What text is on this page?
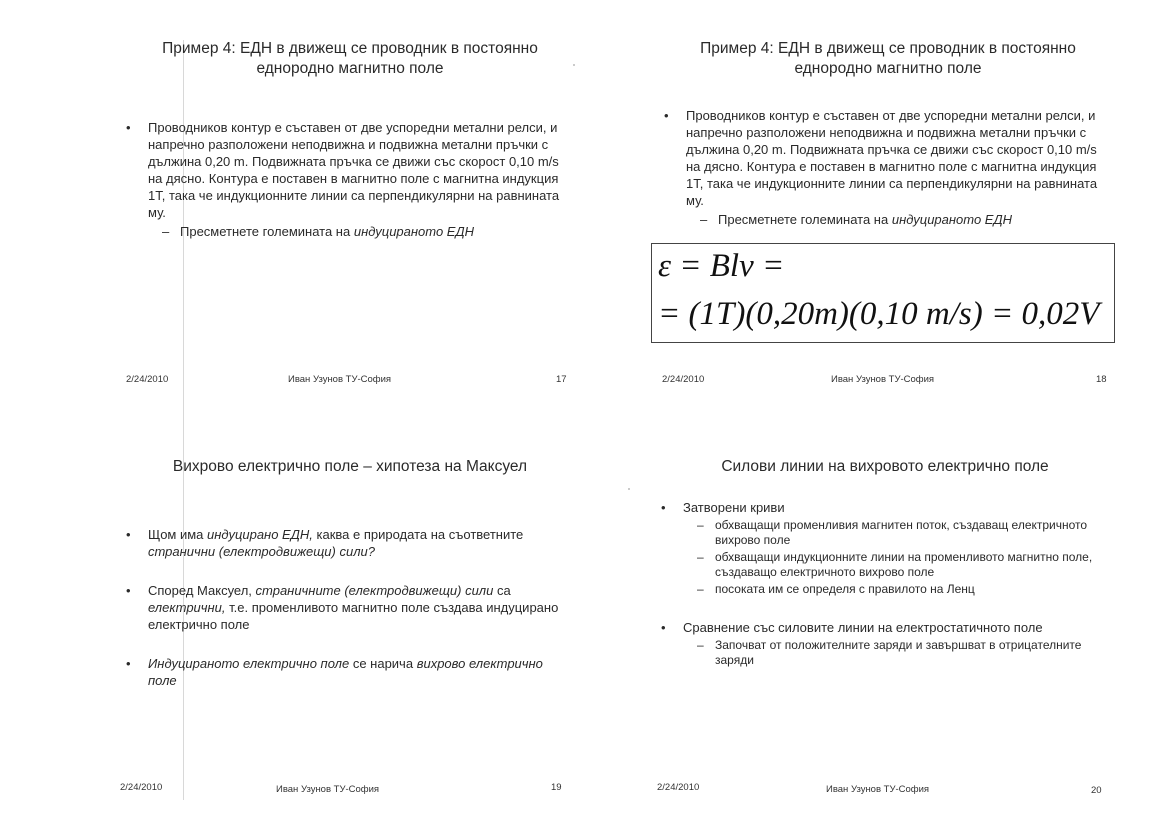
Пример 4: ЕДН в движещ се проводник в постоянно
еднородно магнитно поле
• Проводников контур е съставен от две успоредни метални релси, и напречно разположени неподвижна и подвижна метални пръчки с дължина 0,20 m. Подвижната пръчка се движи със скорост 0,10 m/s на дясно. Контура е поставен в магнитно поле с магнитна индукция 1T, така че индукционните линии са перпендикулярни на равнината му.
– Пресметнете големината на индуцираното ЕДН
2/24/2010	Иван Узунов ТУ-София	17
Пример 4: ЕДН в движещ се проводник в постоянно
еднородно магнитно поле
• Проводников контур е съставен от две успоредни метални релси, и напречно разположени неподвижна и подвижна метални пръчки с дължина 0,20 m. Подвижната пръчка се движи със скорост 0,10 m/s на дясно. Контура е поставен в магнитно поле с магнитна индукция 1T, така че индукционните линии са перпендикулярни на равнината му.
– Пресметнете големината на индуцираното ЕДН
ε = Blv =
= (1T)(0,20m)(0,10 m/s) = 0,02V
2/24/2010	Иван Узунов ТУ-София	18
Вихрово електрично поле – хипотеза на Максуел
• Щом има индуцирано ЕДН, каква е природата на съответните странични (електродвижещи) сили?
• Според Максуел, страничните (електродвижещи) сили са електрични, т.е. променливото магнитно поле създава индуцирано електрично поле
• Индуцираното електрично поле се нарича вихрово електрично поле
2/24/2010	Иван Узунов ТУ-София	19
Силови линии на вихровото електрично поле
• Затворени криви
– обхващащи променливия магнитен поток, създаващ електричното вихрово поле
– обхващащи индукционните линии на променливото магнитно поле, създаващо електричното вихрово поле
– посоката им се определя с правилото на Ленц
• Сравнение със силовите линии на електростатичното поле
– Започват от положителните заряди и завършват в отрицателните заряди
2/24/2010	Иван Узунов ТУ-София	20
